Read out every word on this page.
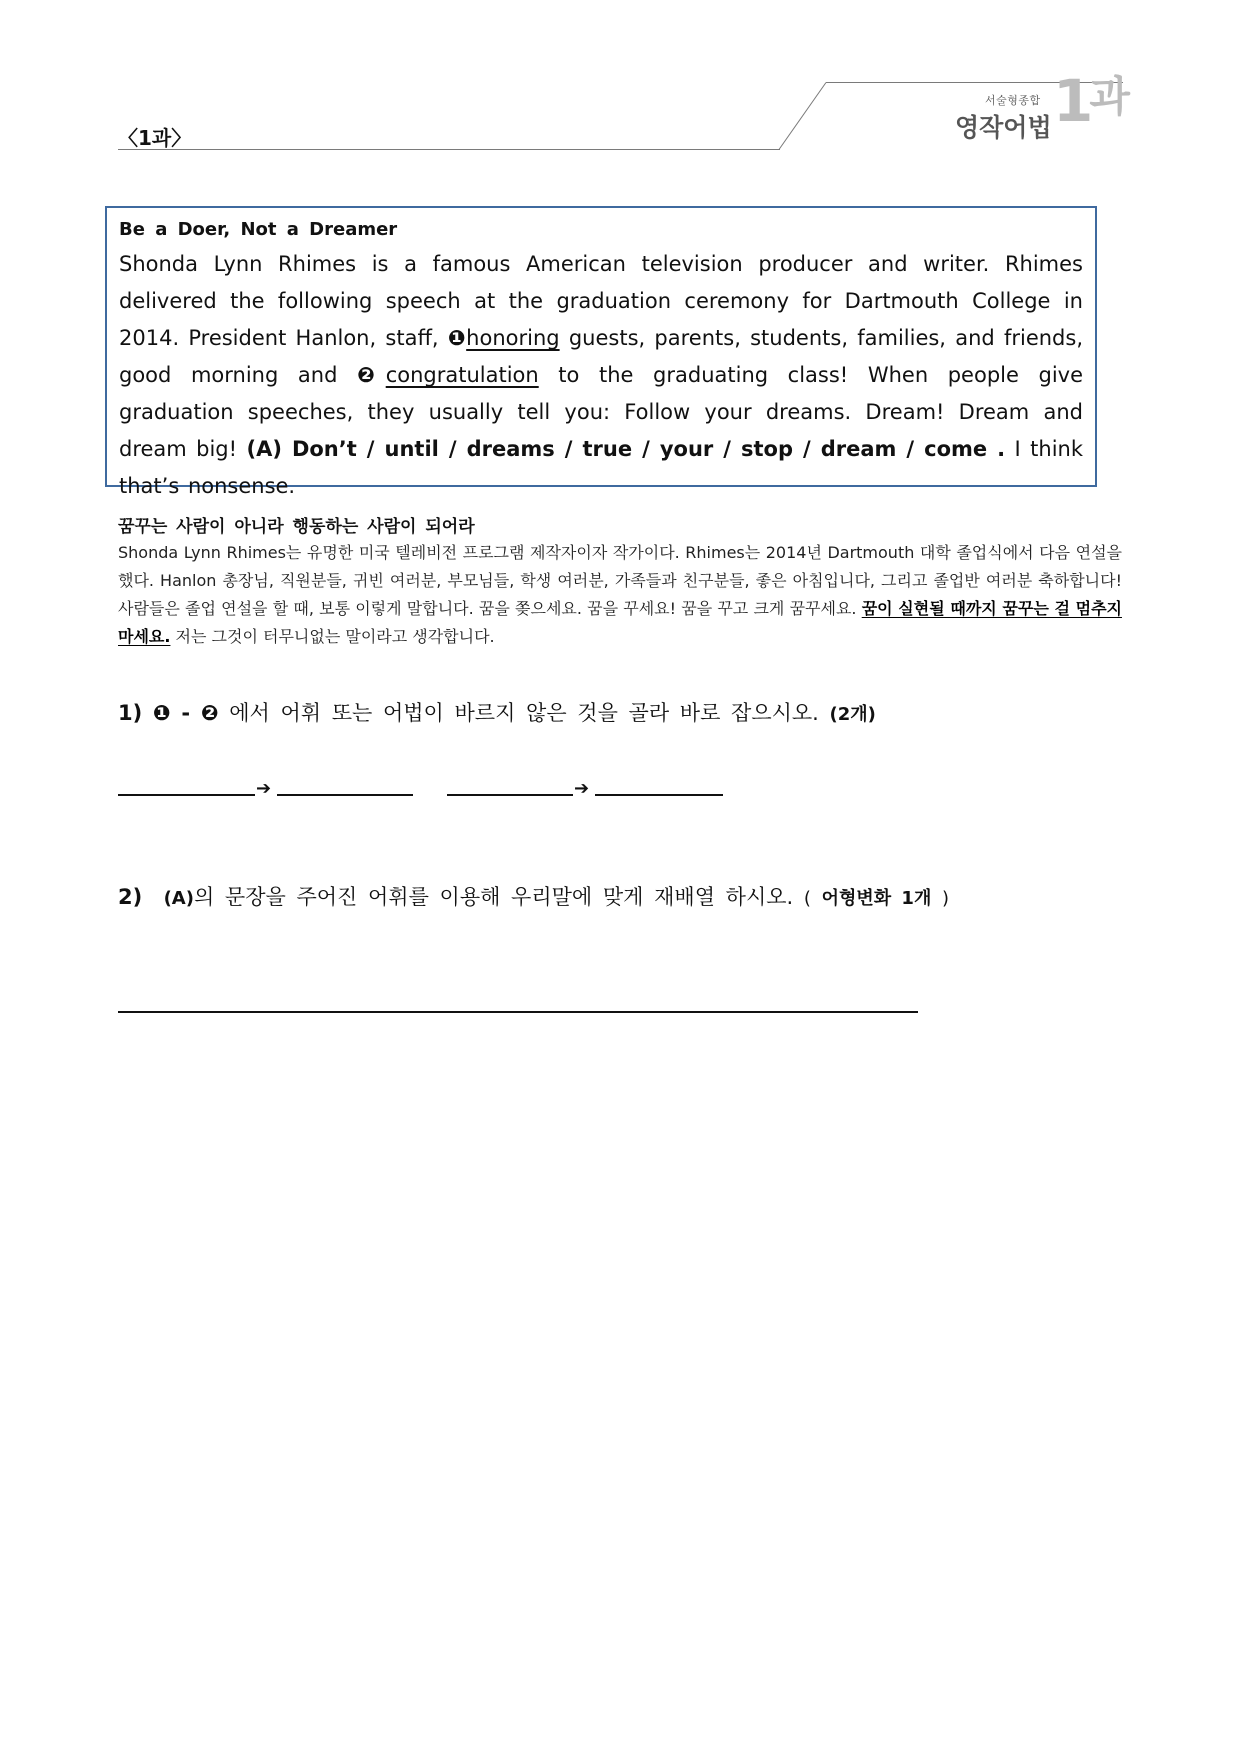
〈1과〉
서술형종합
영작어법 $1^과$
Be a Doer, Not a Dreamer
Shonda Lynn Rhimes is a famous American television producer and writer. Rhimes delivered the following speech at the graduation ceremony for Dartmouth College in 2014. President Hanlon, staff, ❶honoring guests, parents, students, families, and friends, good morning and ❷congratulation to the graduating class! When people give graduation speeches, they usually tell you: Follow your dreams. Dream! Dream and dream big! (A) Don’t / until / dreams / true / your / stop / dream / come . I think that’s nonsense.
꿈꾸는 사람이 아니라 행동하는 사람이 되어라
Shonda Lynn Rhimes는 유명한 미국 텔레비전 프로그램 제작자이자 작가이다. Rhimes는 2014년 Dartmouth 대학 졸업식에서 다음 연설을 했다. Hanlon 총장님, 직원분들, 귀빈 여러분, 부모님들, 학생 여러분, 가족들과 친구분들, 좋은 아침입니다, 그리고 졸업반 여러분 축하합니다! 사람들은 졸업 연설을 할 때, 보통 이렇게 말합니다. 꿈을 쫒으세요. 꿈을 꾸세요! 꿈을 꾸고 크게 꿈꾸세요. 꿈이 실현될 때까지 꿈꾸는 걸 멈추지 마세요. 저는 그것이 터무니없는 말이라고 생각합니다.
1) ❶ - ❷ 에서 어휘 또는 어법이 바르지 않은 것을 골라 바로 잡으시오. (2개)
➔	➔
2) (A)의 문장을 주어진 어휘를 이용해 우리말에 맞게 재배열 하시오. ( 어형변화 1개 )
